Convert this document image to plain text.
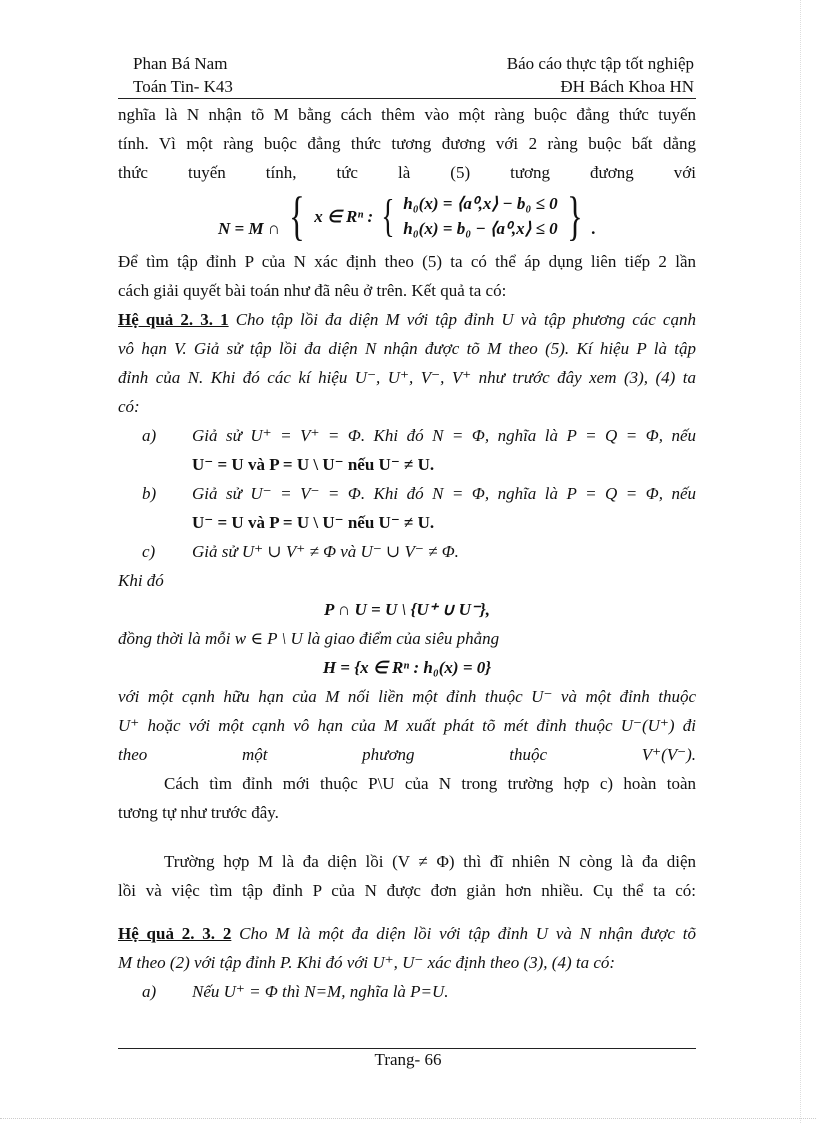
Phan Bá Nam
Toán Tin- K43
Báo cáo thực tập tốt nghiệp
ĐH Bách Khoa HN

nghĩa là N nhận tõ M bằng cách thêm vào một ràng buộc đẳng thức tuyến

tính. Vì một ràng buộc đẳng thức tương đương với 2 ràng buộc bất dẳng

thức tuyến tính, tức là (5) tương đương với

N = M ∩ { x ∈ Rⁿ : { h₀(x) = ⟨a⁰,x⟩ − b₀ ≤ 0
h₀(x) = b₀ − ⟨a⁰,x⟩ ≤ 0 } .

Để tìm tập đỉnh P của N xác định theo (5) ta có thể áp dụng liên tiếp 2 lần

cách giải quyết bài toán như đã nêu ở trên. Kết quả ta có:

Hệ quả 2. 3. 1 Cho tập lồi đa diện M với tập đỉnh U và tập phương các cạnh

vô hạn V. Giả sử tập lồi đa diện N nhận được tõ M theo (5). Kí hiệu P là tập

đỉnh của N. Khi đó các kí hiệu U⁻, U⁺, V⁻, V⁺ như trước đây xem (3), (4) ta

có:

a)	Giả sử U⁺ = V⁺ = Φ. Khi đó N = Φ, nghĩa là P = Q = Φ, nếu
U⁻ = U và P = U \ U⁻ nếu U⁻ ≠ U.
b)	Giả sử U⁻ = V⁻ = Φ. Khi đó N = Φ, nghĩa là P = Q = Φ, nếu
U⁻ = U và P = U \ U⁻ nếu U⁻ ≠ U.
c)	Giả sử U⁺ ∪ V⁺ ≠ Φ và U⁻ ∪ V⁻ ≠ Φ.

Khi đó

P ∩ U = U \ {U⁺ ∪ U⁻},

đồng thời là mỗi w ∈ P \ U là giao điểm của siêu phẳng

H = {x ∈ Rⁿ : h₀(x) = 0}

với một cạnh hữu hạn của M nối liền một đỉnh thuộc U⁻ và một đỉnh thuộc

U⁺ hoặc với một cạnh vô hạn của M xuất phát tõ mét đỉnh thuộc U⁻(U⁺) đi

theo một phương thuộc V⁺(V⁻).

Cách tìm đỉnh mới thuộc P\U của N trong trường hợp c) hoàn toàn

tương tự như trước đây.

Trường hợp M là đa diện lồi (V ≠ Φ) thì đĩ nhiên N còng là đa diện

lồi và việc tìm tập đỉnh P của N được đơn giản hơn nhiều. Cụ thể ta có:

Hệ quả 2. 3. 2 Cho M là một đa diện lồi với tập đỉnh U và N nhận được tõ

M theo (2) với tập đỉnh P. Khi đó với U⁺, U⁻ xác định theo (3), (4) ta có:

a)	Nếu U⁺ = Φ thì N=M, nghĩa là P=U.
Trang- 66
